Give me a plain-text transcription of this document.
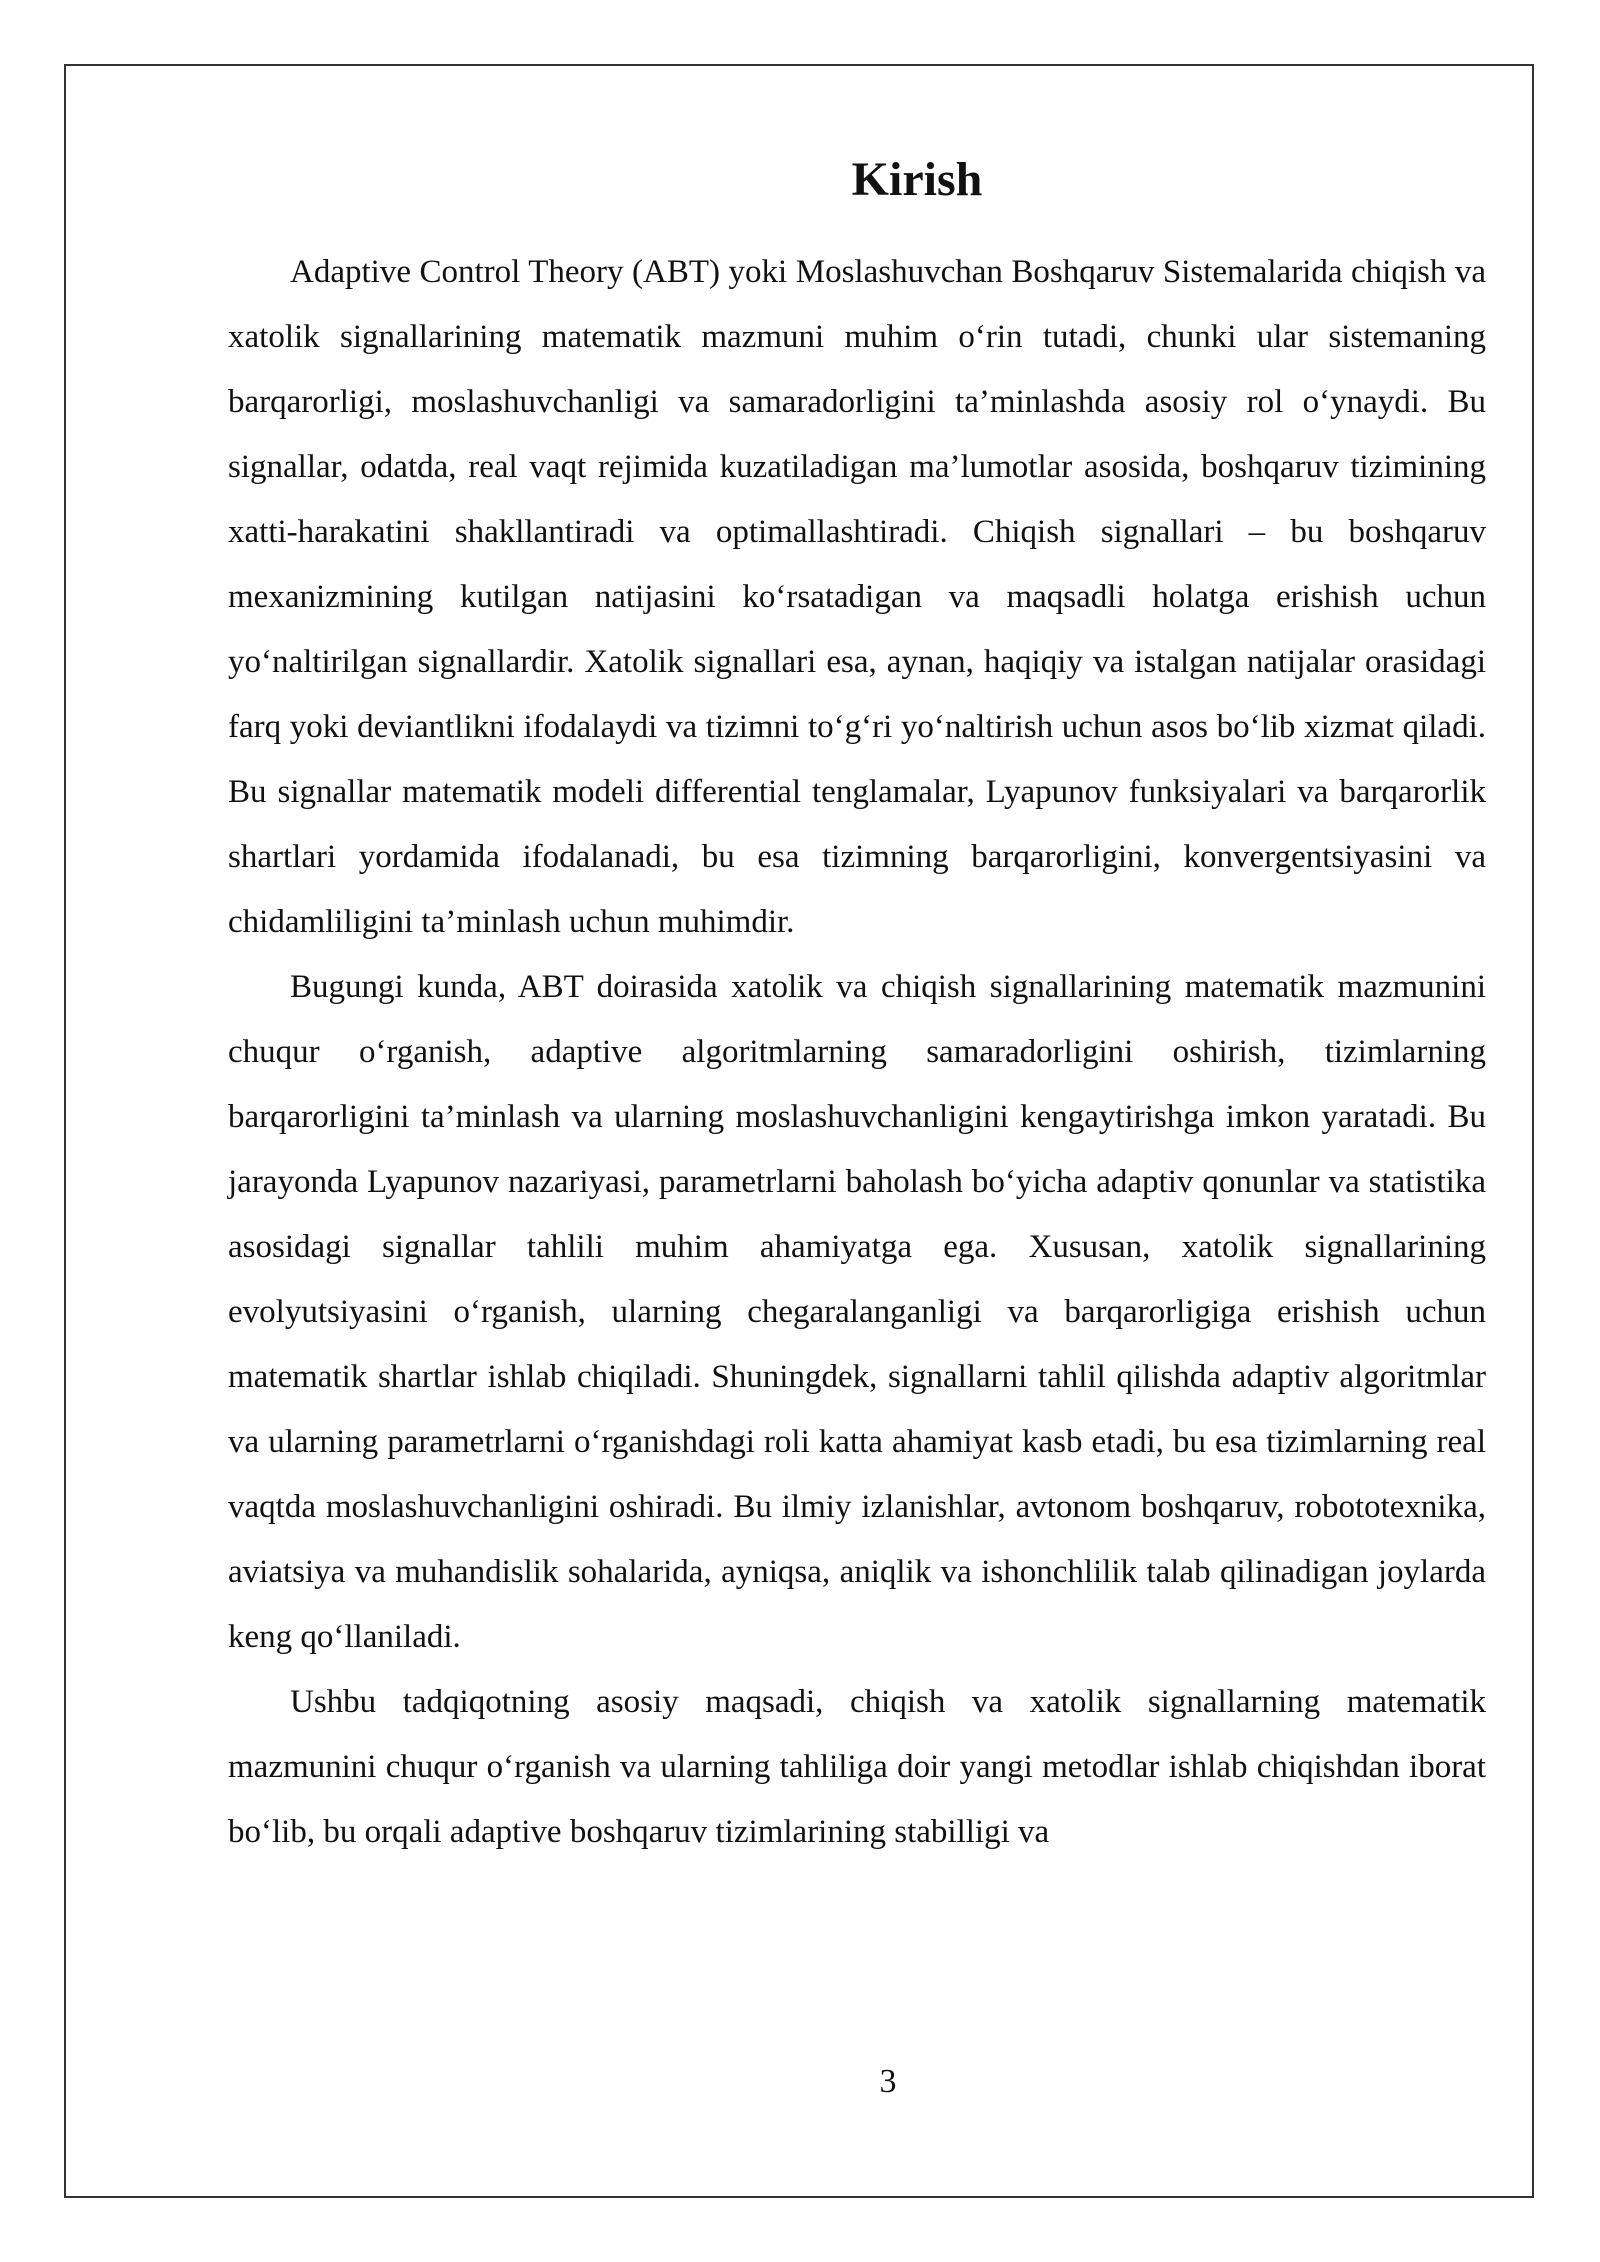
Kirish

Adaptive Control Theory (ABT) yoki Moslashuvchan Boshqaruv Sistemalarida chiqish va xatolik signallarining matematik mazmuni muhim o‘rin tutadi, chunki ular sistemaning barqarorligi, moslashuvchanligi va samaradorligini ta’minlashda asosiy rol o‘ynaydi. Bu signallar, odatda, real vaqt rejimida kuzatiladigan ma’lumotlar asosida, boshqaruv tizimining xatti-harakatini shakllantiradi va optimallashtiradi. Chiqish signallari – bu boshqaruv mexanizmining kutilgan natijasini ko‘rsatadigan va maqsadli holatga erishish uchun yo‘naltirilgan signallardir. Xatolik signallari esa, aynan, haqiqiy va istalgan natijalar orasidagi farq yoki deviantlikni ifodalaydi va tizimni to‘g‘ri yo‘naltirish uchun asos bo‘lib xizmat qiladi. Bu signallar matematik modeli differential tenglamalar, Lyapunov funksiyalari va barqarorlik shartlari yordamida ifodalanadi, bu esa tizimning barqarorligini, konvergentsiyasini va chidamliligini ta’minlash uchun muhimdir.

Bugungi kunda, ABT doirasida xatolik va chiqish signallarining matematik mazmunini chuqur o‘rganish, adaptive algoritmlarning samaradorligini oshirish, tizimlarning barqarorligini ta’minlash va ularning moslashuvchanligini kengaytirishga imkon yaratadi. Bu jarayonda Lyapunov nazariyasi, parametrlarni baholash bo‘yicha adaptiv qonunlar va statistika asosidagi signallar tahlili muhim ahamiyatga ega. Xususan, xatolik signallarining evolyutsiyasini o‘rganish, ularning chegaralanganligi va barqarorligiga erishish uchun matematik shartlar ishlab chiqiladi. Shuningdek, signallarni tahlil qilishda adaptiv algoritmlar va ularning parametrlarni o‘rganishdagi roli katta ahamiyat kasb etadi, bu esa tizimlarning real vaqtda moslashuvchanligini oshiradi. Bu ilmiy izlanishlar, avtonom boshqaruv, robototexnika, aviatsiya va muhandislik sohalarida, ayniqsa, aniqlik va ishonchlilik talab qilinadigan joylarda keng qo‘llaniladi.

Ushbu tadqiqotning asosiy maqsadi, chiqish va xatolik signallarning matematik mazmunini chuqur o‘rganish va ularning tahliliga doir yangi metodlar ishlab chiqishdan iborat bo‘lib, bu orqali adaptive boshqaruv tizimlarining stabilligi va

3
